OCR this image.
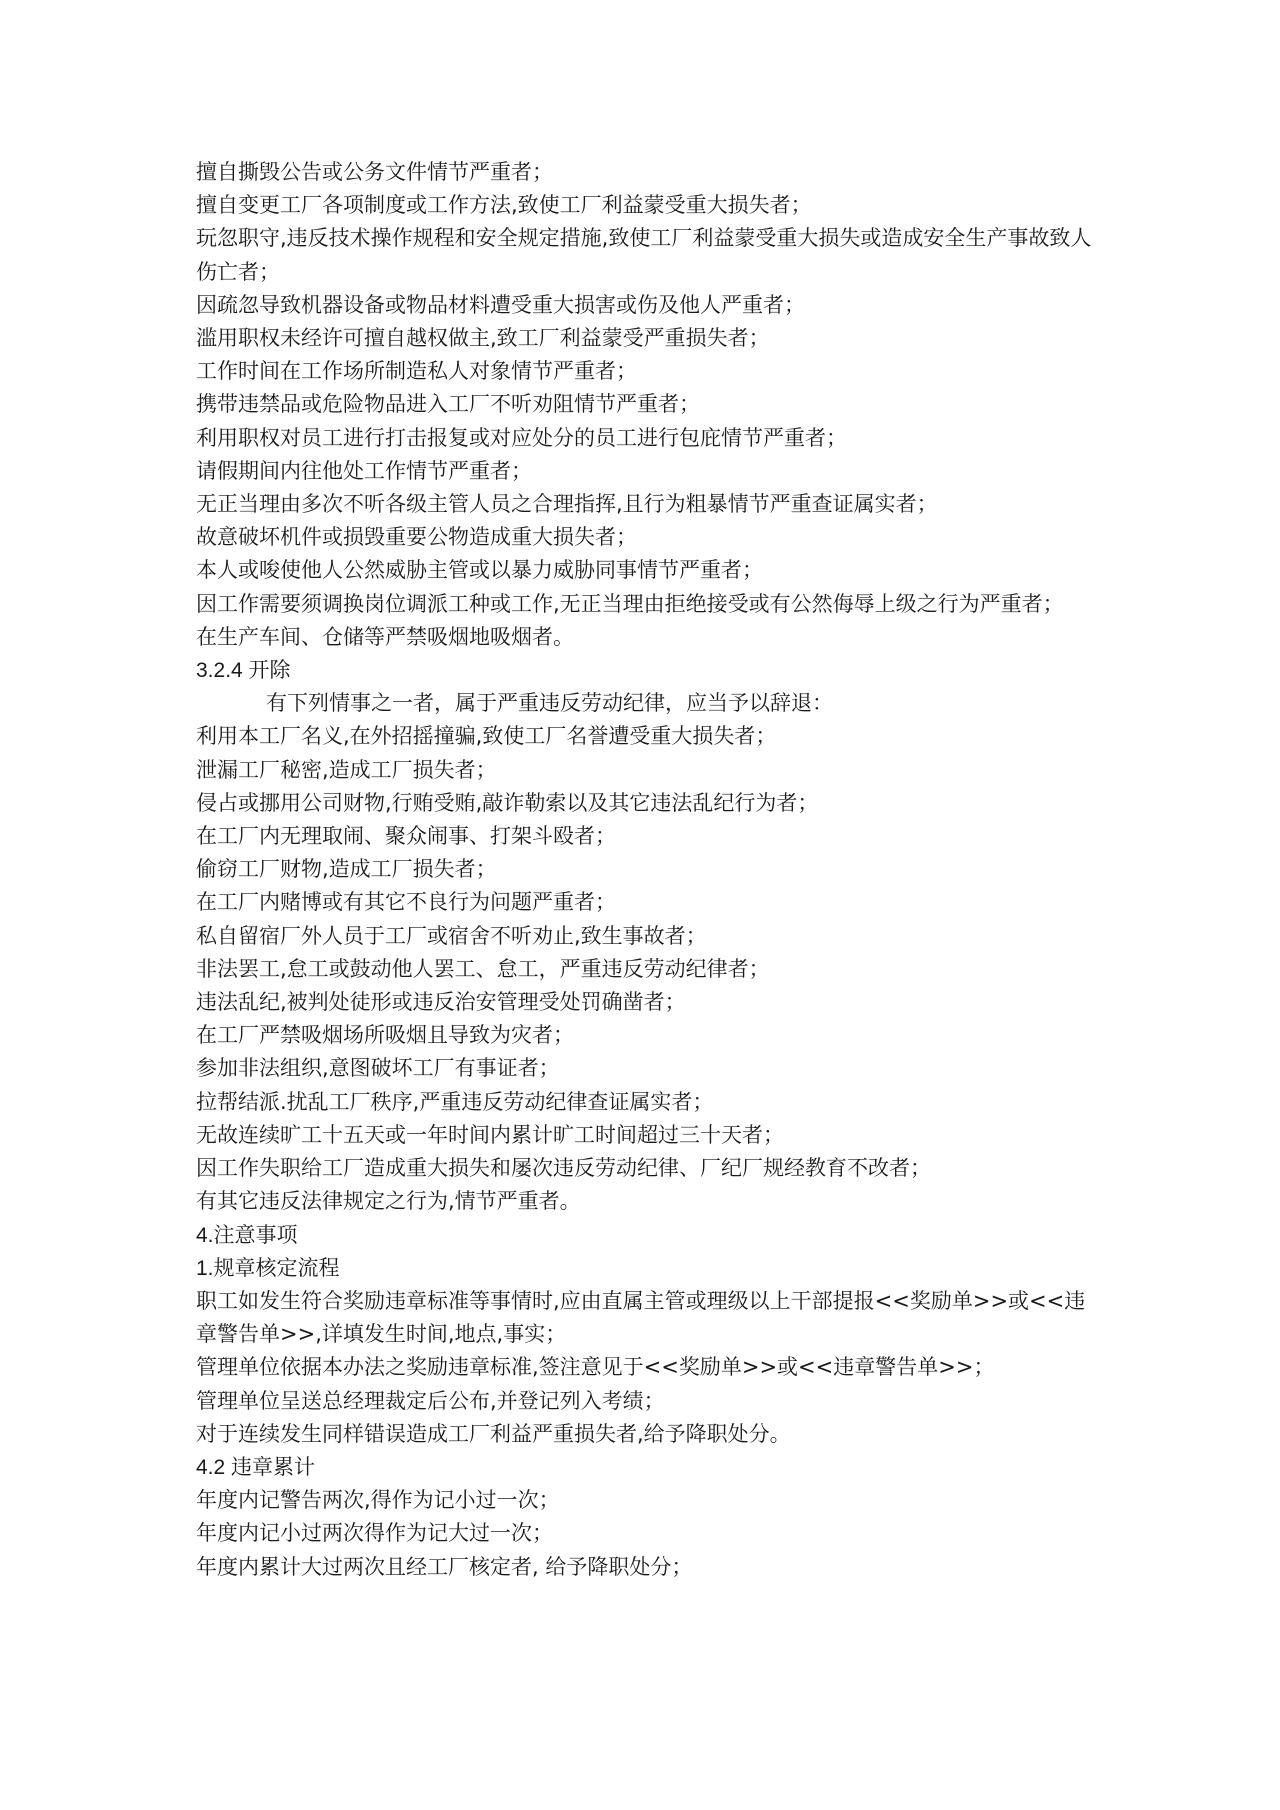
擅自撕毁公告或公务文件情节严重者；
擅自变更工厂各项制度或工作方法,致使工厂利益蒙受重大损失者；
玩忽职守,违反技术操作规程和安全规定措施,致使工厂利益蒙受重大损失或造成安全生产事故致人伤亡者；
因疏忽导致机器设备或物品材料遭受重大损害或伤及他人严重者；
滥用职权未经许可擅自越权做主,致工厂利益蒙受严重损失者；
工作时间在工作场所制造私人对象情节严重者；
携带违禁品或危险物品进入工厂不听劝阻情节严重者；
利用职权对员工进行打击报复或对应处分的员工进行包庇情节严重者；
请假期间内往他处工作情节严重者；
无正当理由多次不听各级主管人员之合理指挥,且行为粗暴情节严重查证属实者；
故意破坏机件或损毁重要公物造成重大损失者；
本人或唆使他人公然威胁主管或以暴力威胁同事情节严重者；
因工作需要须调换岗位调派工种或工作,无正当理由拒绝接受或有公然侮辱上级之行为严重者；
在生产车间、仓储等严禁吸烟地吸烟者。
3.2.4 开除
有下列情事之一者，属于严重违反劳动纪律，应当予以辞退：
利用本工厂名义,在外招摇撞骗,致使工厂名誉遭受重大损失者；
泄漏工厂秘密,造成工厂损失者；
侵占或挪用公司财物,行贿受贿,敲诈勒索以及其它违法乱纪行为者；
在工厂内无理取闹、聚众闹事、打架斗殴者；
偷窃工厂财物,造成工厂损失者；
在工厂内赌博或有其它不良行为问题严重者；
私自留宿厂外人员于工厂或宿舍不听劝止,致生事故者；
非法罢工,怠工或鼓动他人罢工、怠工，严重违反劳动纪律者；
违法乱纪,被判处徒形或违反治安管理受处罚确凿者；
在工厂严禁吸烟场所吸烟且导致为灾者；
参加非法组织,意图破坏工厂有事证者；
拉帮结派.扰乱工厂秩序,严重违反劳动纪律查证属实者；
无故连续旷工十五天或一年时间内累计旷工时间超过三十天者；
因工作失职给工厂造成重大损失和屡次违反劳动纪律、厂纪厂规经教育不改者；
有其它违反法律规定之行为,情节严重者。
4.注意事项
1.规章核定流程
职工如发生符合奖励违章标准等事情时,应由直属主管或理级以上干部提报<<奖励单>>或<<违章警告单>>,详填发生时间,地点,事实；
管理单位依据本办法之奖励违章标准,签注意见于<<奖励单>>或<<违章警告单>>；
管理单位呈送总经理裁定后公布,并登记列入考绩；
对于连续发生同样错误造成工厂利益严重损失者,给予降职处分。
4.2 违章累计
年度内记警告两次,得作为记小过一次；
年度内记小过两次得作为记大过一次；
年度内累计大过两次且经工厂核定者, 给予降职处分；
